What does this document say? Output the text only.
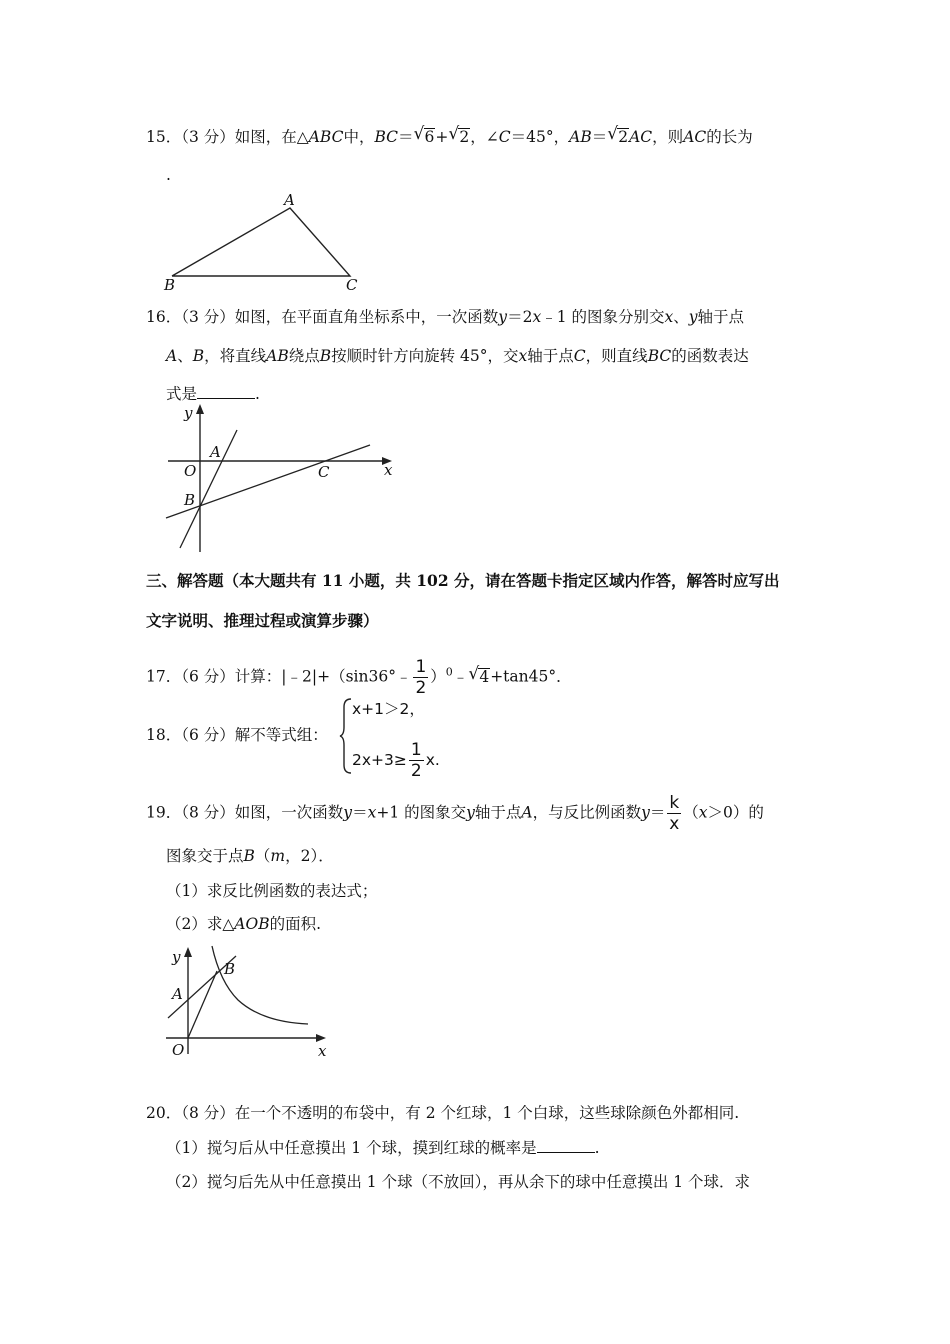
15．（3 分）如图，在△ABC中，BC＝ √ 6+ √ 2，∠C＝45°，AB＝ √ 2AC，则AC的长为
.
A
B	C
16．（3 分）如图，在平面直角坐标系中，一次函数y＝2x﹣1 的图象分别交x、y轴于点
A、B，将直线AB绕点B按顺时针方向旋转 45°，交x轴于点C，则直线BC的函数表达
式是	.
y
x
A
O	C
B
三、解答题（本大题共有 11 小题，共 102 分，请在答题卡指定区域内作答，解答时应写出
文字说明、推理过程或演算步骤）
17．（6 分）计算：|﹣2|+（sin36°﹣ $\frac{1}{2}$ ）$^0$﹣ √ 4+tan45°．
18．（6 分）解不等式组：
x+1＞2，
$2x+3\ge \frac{1}{2} x$.
19．（8 分）如图，一次函数y＝x+1 的图象交y轴于点A，与反比例函数$y= \frac{k}{x} (x>0)$的
图象交于点B（m，2）．
（1）求反比例函数的表达式；
（2）求△AOB的面积.
y
x
A
B
O
20．（8 分）在一个不透明的布袋中，有 2 个红球，1 个白球，这些球除颜色外都相同.
（1）搅匀后从中任意摸出 1 个球，摸到红球的概率是	.
（2）搅匀后先从中任意摸出 1 个球（不放回），再从余下的球中任意摸出 1 个球．求
